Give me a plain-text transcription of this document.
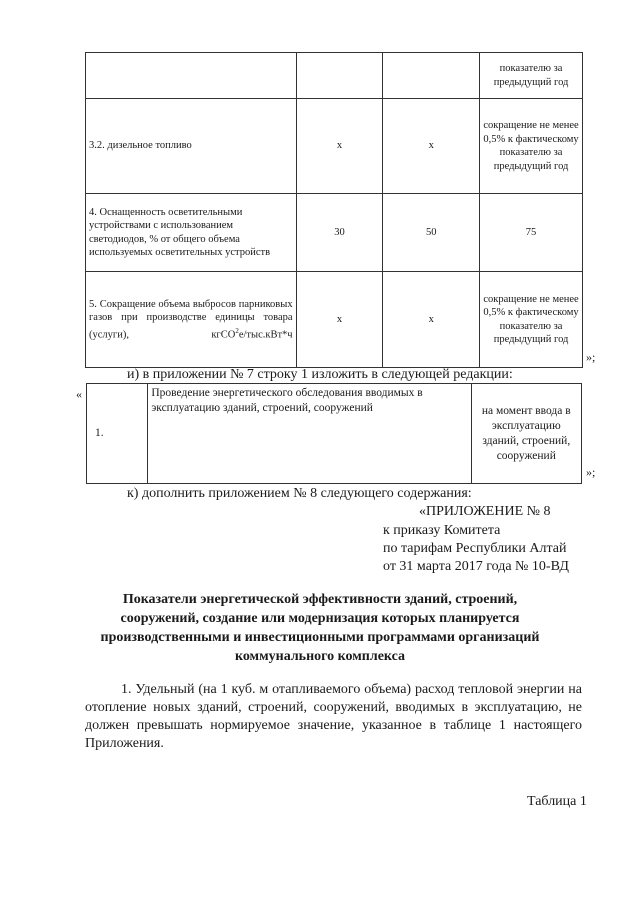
			показателю за предыдущий год
3.2. дизельное топливо	х	х	сокращение не менее 0,5% к фактическому показателю за предыдущий год
4. Оснащенность осветительными устройствами с использованием светодиодов, % от общего объема используемых осветительных устройств	30	50	75
5. Сокращение объема выбросов парниковых газов при производстве единицы товара (услуги), кгСО$^2$е/тыс.кВт*ч	х	х	сокращение не менее 0,5% к фактическому показателю за предыдущий год
»;
и) в приложении № 7 строку 1 изложить в следующей редакции:
«
1.	Проведение энергетического обследования вводимых в эксплуатацию зданий, строений, сооружений	на момент ввода в эксплуатацию зданий, строений, сооружений
»;
к) дополнить приложением № 8 следующего содержания:
«ПРИЛОЖЕНИЕ № 8
к приказу Комитета
по тарифам Республики Алтай
от 31 марта 2017 года № 10-ВД
Показатели энергетической эффективности зданий, строений,
сооружений, создание или модернизация которых планируется
производственными и инвестиционными программами организаций
коммунального комплекса
1. Удельный (на 1 куб. м отапливаемого объема) расход тепловой энергии на отопление новых зданий, строений, сооружений, вводимых в эксплуатацию, не должен превышать нормируемое значение, указанное в таблице 1 настоящего Приложения.
Таблица 1
